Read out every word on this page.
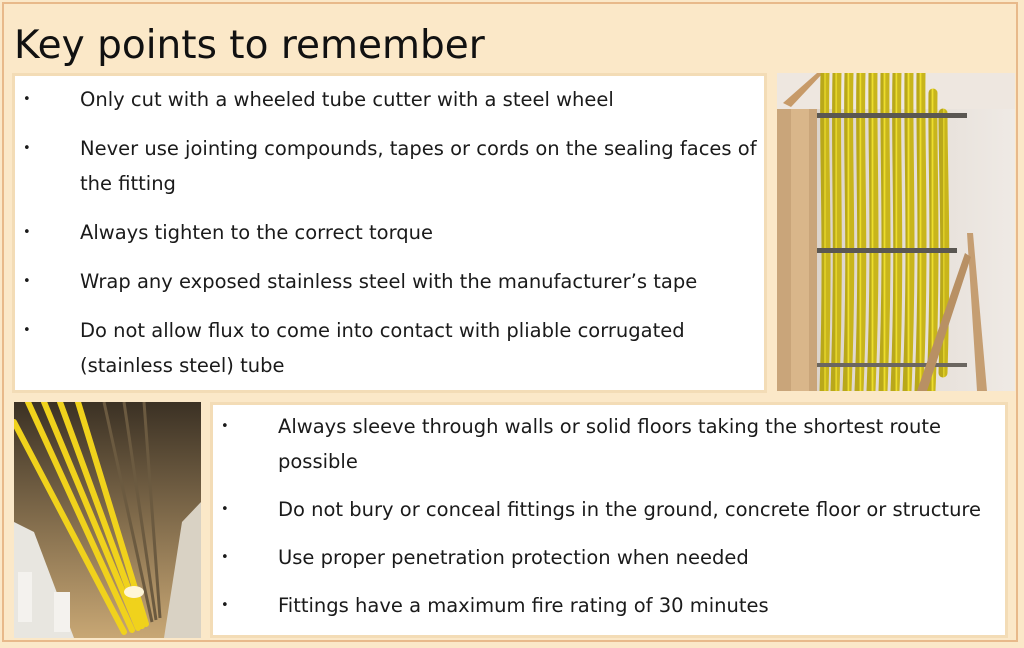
Key points to remember
•	Only cut with a wheeled tube cutter with a steel wheel
•	Never use jointing compounds, tapes or cords on the sealing faces of the fitting
•	Always tighten to the correct torque
•	Wrap any exposed stainless steel with the manufacturer’s tape
•	Do not allow flux to come into contact with pliable corrugated (stainless steel) tube
•	Always sleeve through walls or solid floors taking the shortest route possible
•	Do not bury or conceal fittings in the ground, concrete floor or structure
•	Use proper penetration protection when needed
•	Fittings have a maximum fire rating of 30 minutes
